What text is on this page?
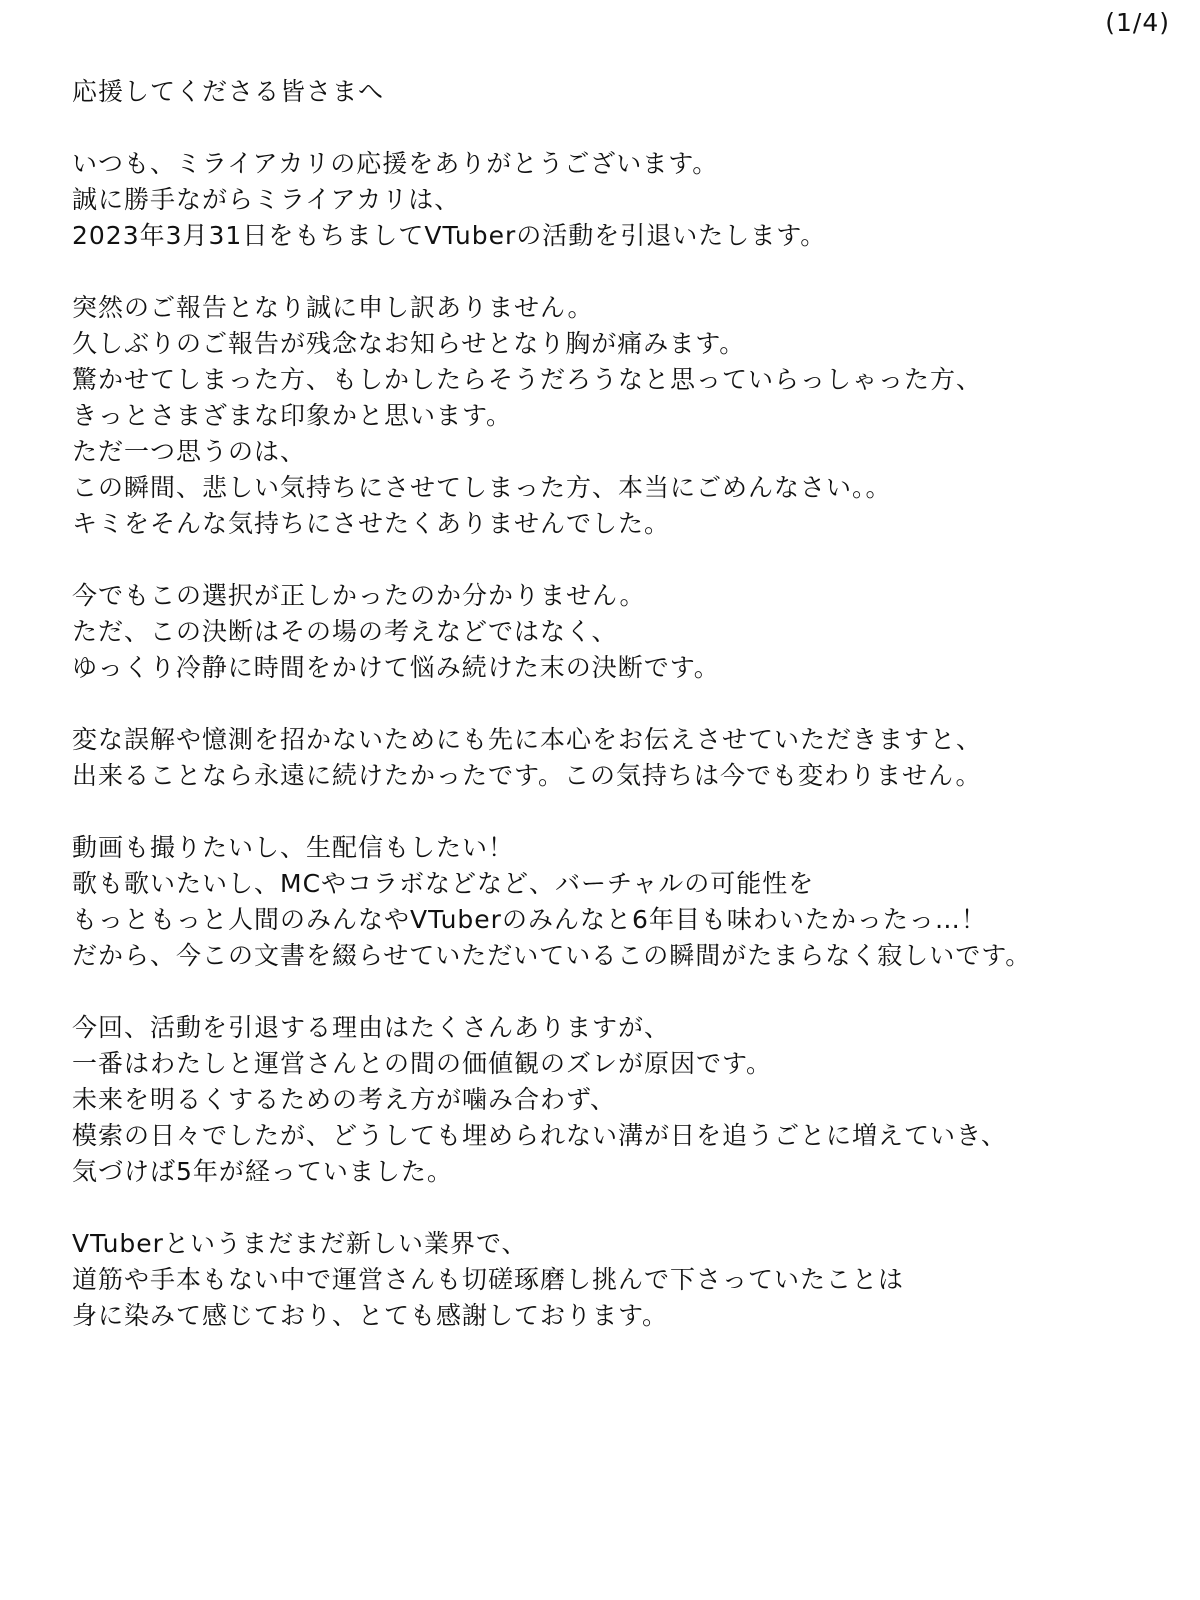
(1/4)
応援してくださる皆さまへ
いつも、ミライアカリの応援をありがとうございます。
誠に勝手ながらミライアカリは、
2023年3月31日をもちましてVTuberの活動を引退いたします。
突然のご報告となり誠に申し訳ありません。
久しぶりのご報告が残念なお知らせとなり胸が痛みます。
驚かせてしまった方、もしかしたらそうだろうなと思っていらっしゃった方、
きっとさまざまな印象かと思います。
ただ一つ思うのは、
この瞬間、悲しい気持ちにさせてしまった方、本当にごめんなさい。。
キミをそんな気持ちにさせたくありませんでした。
今でもこの選択が正しかったのか分かりません。
ただ、この決断はその場の考えなどではなく、
ゆっくり冷静に時間をかけて悩み続けた末の決断です。
変な誤解や憶測を招かないためにも先に本心をお伝えさせていただきますと、
出来ることなら永遠に続けたかったです。この気持ちは今でも変わりません。
動画も撮りたいし、生配信もしたい！
歌も歌いたいし、MCやコラボなどなど、バーチャルの可能性を
もっともっと人間のみんなやVTuberのみんなと6年目も味わいたかったっ…！
だから、今この文書を綴らせていただいているこの瞬間がたまらなく寂しいです。
今回、活動を引退する理由はたくさんありますが、
一番はわたしと運営さんとの間の価値観のズレが原因です。
未来を明るくするための考え方が噛み合わず、
模索の日々でしたが、どうしても埋められない溝が日を追うごとに増えていき、
気づけば5年が経っていました。
VTuberというまだまだ新しい業界で、
道筋や手本もない中で運営さんも切磋琢磨し挑んで下さっていたことは
身に染みて感じており、とても感謝しております。
